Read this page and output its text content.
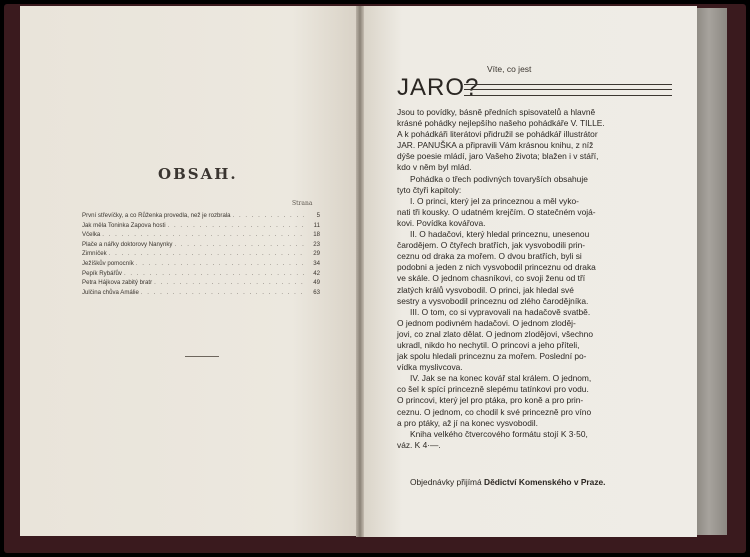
OBSAH.
Strana
První střevíčky, a co Růženka provedla, než je rozbrala . . .	5
Jak měla Toninka Zapova hosti . . .	11
Včelka . . .	18
Plače a nářky doktorovy Nanynky . . .	23
Zimníček . . .	29
Ježíškův pomocník . . .	34
Pepík Rybářův . . .	42
Petra Hájkova zabitý bratr . . .	49
Julčina chůva Amálie . . .	63
Víte, co jest
JARO?
Jsou to povídky, básně předních spisovatelů a hlavně
krásné pohádky nejlepšího našeho pohádkáře V. TILLE.
A k pohádkáři literátovi přidružil se pohádkář illustrátor
JAR. PANUŠKA a připravili Vám krásnou knihu, z níž
dýše poesie mládí, jaro Vašeho života; blažen i v stáří,
kdo v něm byl mlád.
Pohádka o třech podivných tovaryších obsahuje
tyto čtyři kapitoly:
I. O princi, který jel za princeznou a měl vyko-
nati tři kousky. O udatném krejčím. O statečném vojá-
kovi. Povídka kovářova.
II. O hadačovi, který hledal princeznu, unesenou
čarodějem. O čtyřech bratřích, jak vysvobodili prin-
ceznu od draka za mořem. O dvou bratřích, byli si
podobni a jeden z nich vysvobodil princeznu od draka
ve skále. O jednom chasníkovi, co svoji ženu od tří
zlatých králů vysvobodil. O princi, jak hledal své
sestry a vysvobodil princeznu od zlého čarodějníka.
III. O tom, co si vypravovali na hadačově svatbě.
O jednom podivném hadačovi. O jednom zloděj-
jovi, co znal zlato dělat. O jednom zlodějovi, všechno
ukradl, nikdo ho nechytil. O princovi a jeho příteli,
jak spolu hledali princeznu za mořem. Poslední po-
vídka myslivcova.
IV. Jak se na konec kovář stal králem. O jednom,
co šel k spící princezně slepému tatínkovi pro vodu.
O princovi, který jel pro ptáka, pro koně a pro prin-
ceznu. O jednom, co chodil k své princezně pro víno
a pro ptáky, až jí na konec vysvobodil.
Kniha velkého čtvercového formátu stojí K 3·50,
váz. K 4·—.
Objednávky přijímá Dědictví Komenského v Praze.
